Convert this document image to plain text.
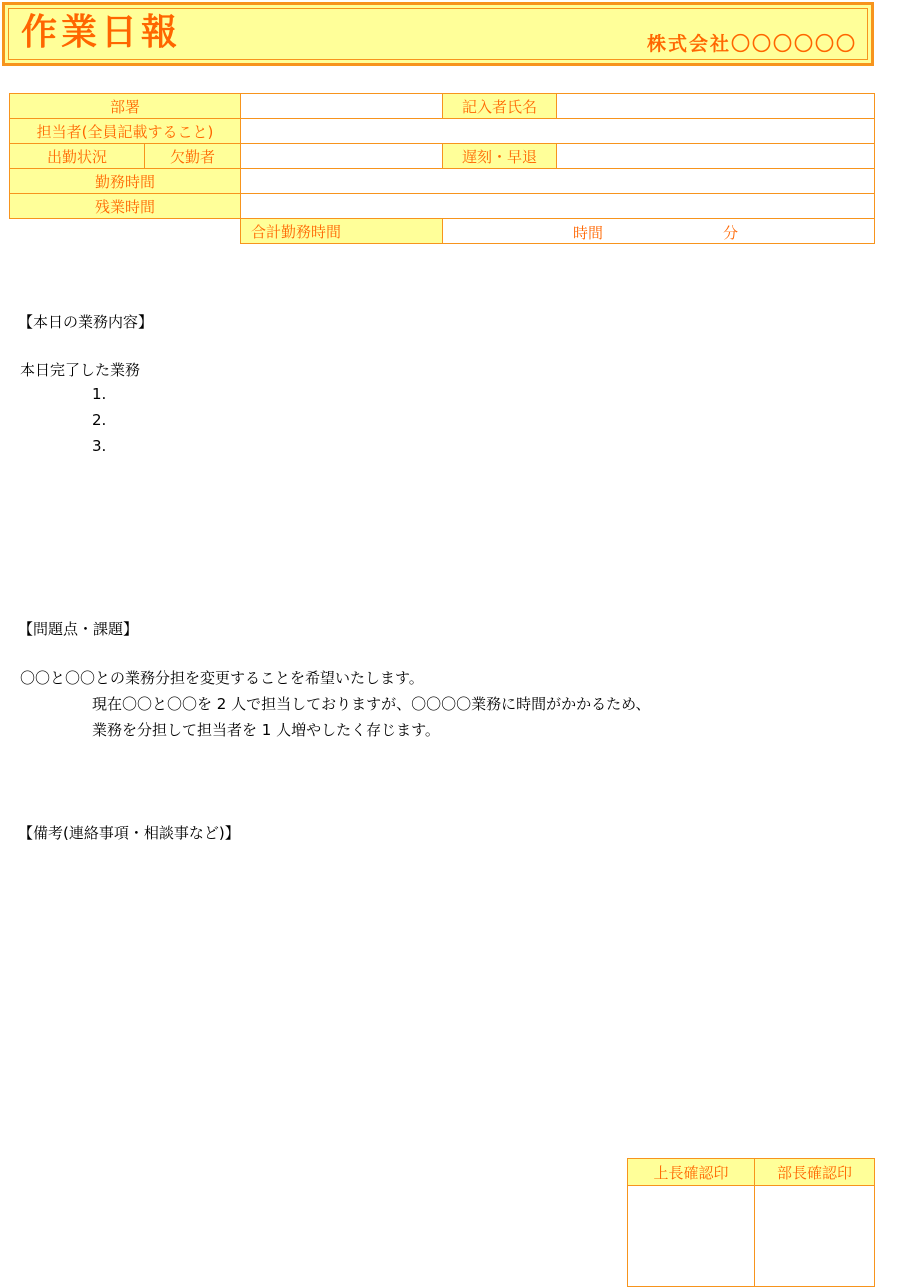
作業日報	株式会社〇〇〇〇〇〇
部署			記入者氏名	
担当者(全員記載すること)				
出勤状況	欠勤者		遅刻・早退	
勤務時間				
残業時間				
		合計勤務時間	時間 分	
【本日の業務内容】
本日完了した業務
1.
2.
3.
【問題点・課題】
〇〇と〇〇との業務分担を変更することを希望いたします。
現在〇〇と〇〇を 2 人で担当しておりますが、〇〇〇〇業務に時間がかかるため、
業務を分担して担当者を 1 人増やしたく存じます。
【備考(連絡事項・相談事など)】
上長確認印	部長確認印
